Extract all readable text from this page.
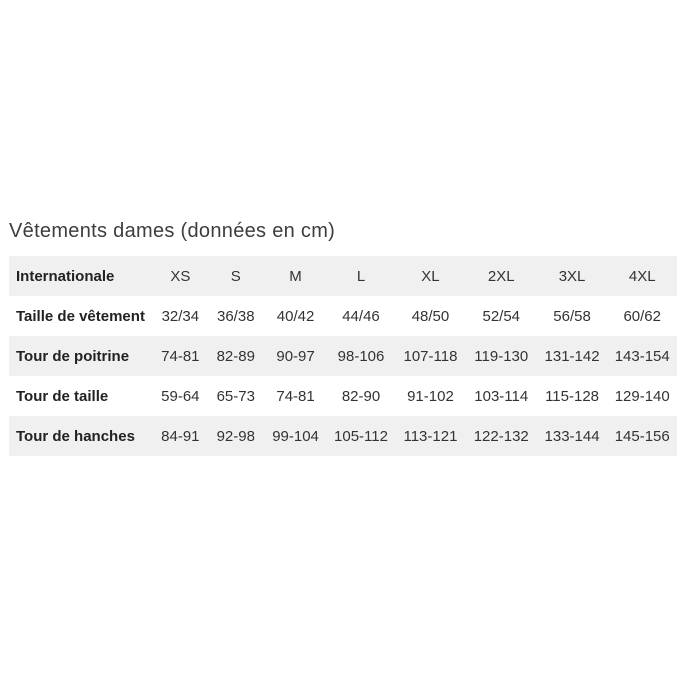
Vêtements dames (données en cm)
Internationale	XS	S	M	L	XL	2XL	3XL	4XL
Taille de vêtement	32/34	36/38	40/42	44/46	48/50	52/54	56/58	60/62
Tour de poitrine	74-81	82-89	90-97	98-106	107-118	119-130	131-142	143-154
Tour de taille	59-64	65-73	74-81	82-90	91-102	103-114	115-128	129-140
Tour de hanches	84-91	92-98	99-104	105-112	113-121	122-132	133-144	145-156
